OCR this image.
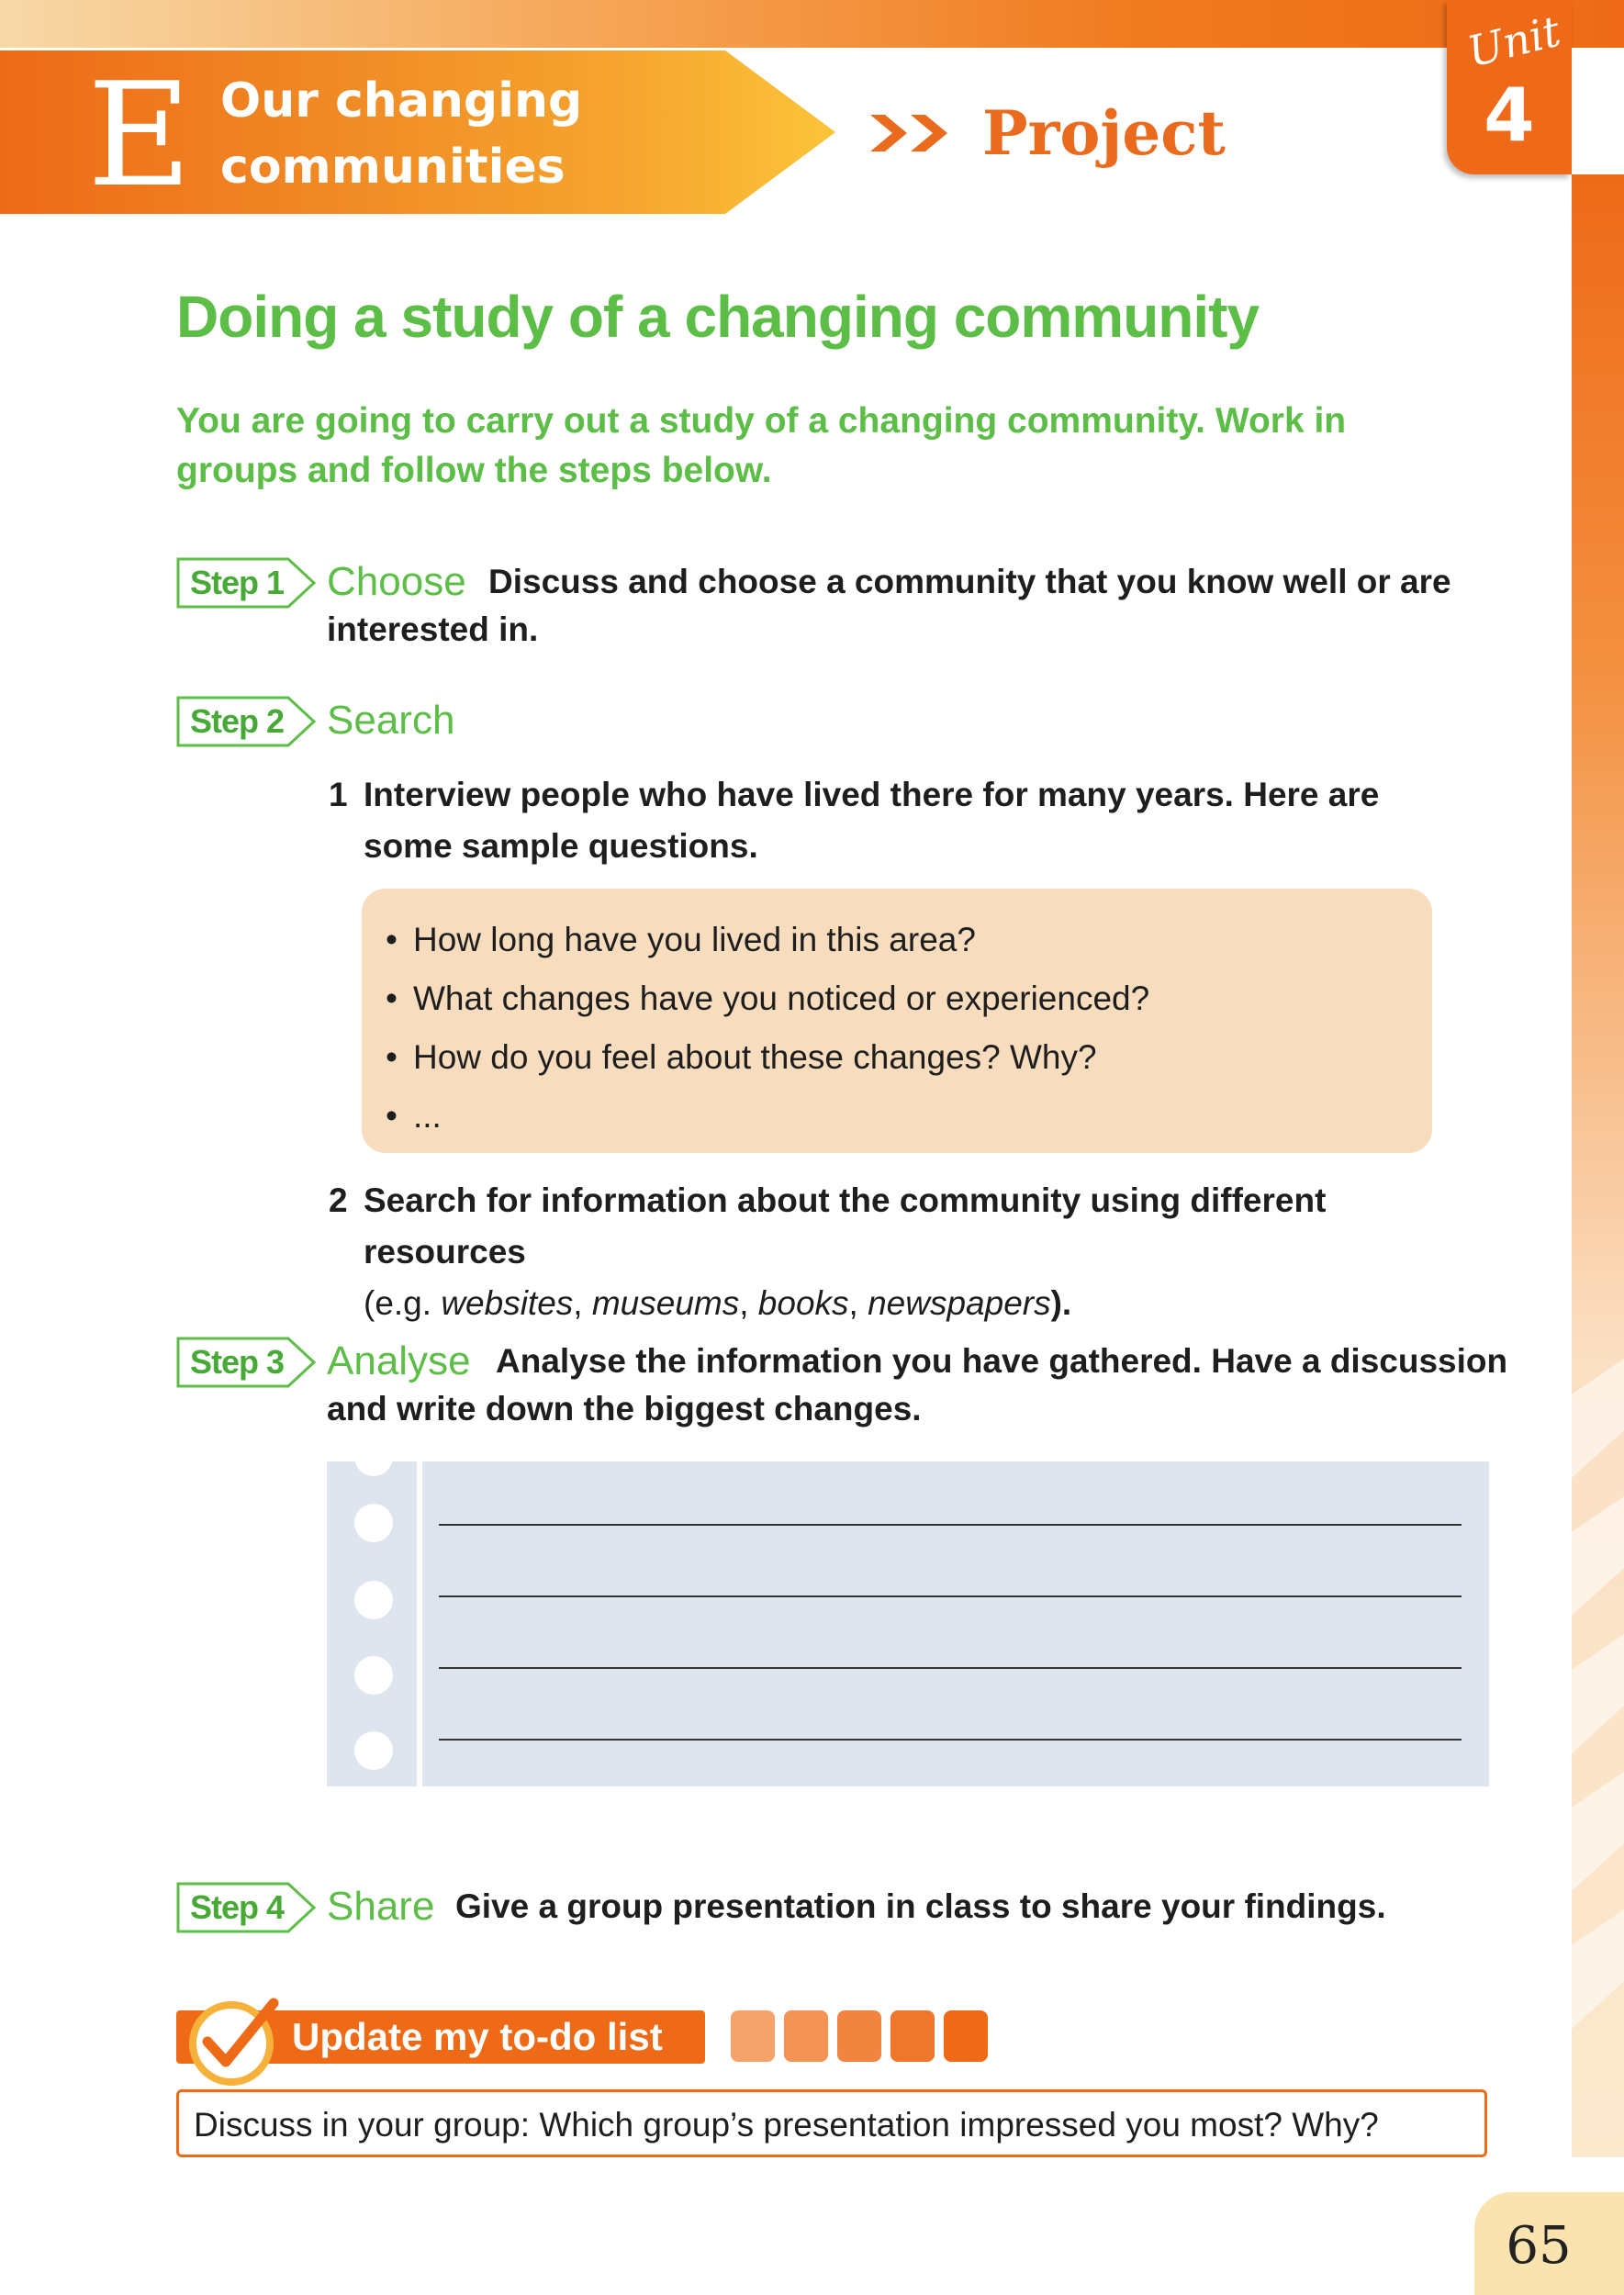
E Our changing
communities	Project
Unit
4
Doing a study of a changing community
You are going to carry out a study of a changing community. Work in groups and follow the steps below.
Step 1 Choose Discuss and choose a community that you know well or are
interested in.
Step 2 Search
1 Interview people who have lived there for many years. Here are
some sample questions.
• How long have you lived in this area?
• What changes have you noticed or experienced?
• How do you feel about these changes? Why?
• ...
2 Search for information about the community using different resources
(e.g. websites, museums, books, newspapers).
Step 3 Analyse Analyse the information you have gathered. Have a discussion
and write down the biggest changes.
Step 4 Share Give a group presentation in class to share your findings.
Update my to-do list
Discuss in your group: Which group’s presentation impressed you most? Why?
65
